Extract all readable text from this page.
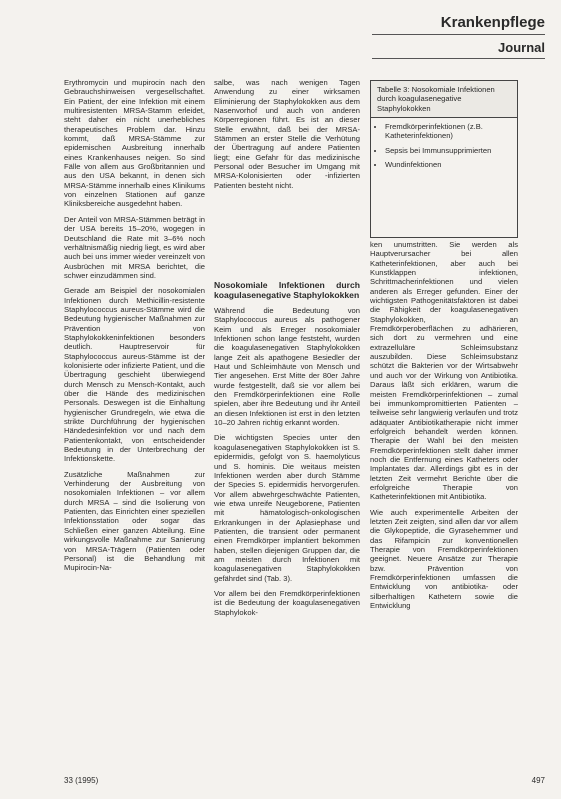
Krankenpflege
Journal

Erythromycin und mupirocin nach den Gebrauchshinweisen vergesellschaftet. Ein Patient, der eine Infektion mit einem multiresistenten MRSA-Stamm erleidet, steht daher ein nicht unerhebliches therapeutisches Problem dar. Hinzu kommt, daß MRSA-Stämme zur epidemischen Ausbreitung innerhalb eines Krankenhauses neigen. So sind Fälle von allem aus Großbritannien und aus den USA bekannt, in denen sich MRSA-Stämme innerhalb eines Klinikums von einzelnen Stationen auf ganze Kliniksbereiche ausgedehnt haben.

Der Anteil von MRSA-Stämmen beträgt in der USA bereits 15–20%, wogegen in Deutschland die Rate mit 3–6% noch verhältnismäßig niedrig liegt, es wird aber auch bei uns immer wieder vereinzelt von Ausbrüchen mit MRSA berichtet, die schwer einzudämmen sind.

Gerade am Beispiel der nosokomialen Infektionen durch Methicillin-resistente Staphylococcus aureus-Stämme wird die Bedeutung hygienischer Maßnahmen zur Prävention von Staphylokokkeninfektionen besonders deutlich. Hauptreservoir für Staphylococcus aureus-Stämme ist der kolonisierte oder infizierte Patient, und die Übertragung geschieht überwiegend durch Mensch zu Mensch-Kontakt, auch über die Hände des medizinischen Personals. Deswegen ist die Einhaltung hygienischer Grundregeln, wie etwa die strikte Durchführung der hygienischen Händedesinfektion vor und nach dem Patientenkontakt, von entscheidender Bedeutung in der Unterbrechung der Infektionskette.

Zusätzliche Maßnahmen zur Verhinderung der Ausbreitung von nosokomialen Infektionen – vor allem durch MRSA – sind die Isolierung von Patienten, das Einrichten einer speziellen Infektionsstation oder sogar das Schließen einer ganzen Abteilung. Eine wirkungsvolle Maßnahme zur Sanierung von MRSA-Trägern (Patienten oder Personal) ist die Behandlung mit Mupirocin-Na-

salbe, was nach wenigen Tagen Anwendung zu einer wirksamen Eliminierung der Staphylokokken aus dem Nasenvorhof und auch von anderen Körperregionen führt. Es ist an dieser Stelle erwähnt, daß bei der MRSA-Stämmen an erster Stelle die Verhütung der Übertragung auf andere Patienten liegt; eine Gefahr für das medizinische Personal oder Besucher im Umgang mit MRSA-Kolonisierten oder -infizierten Patienten besteht nicht.

Nosokomiale Infektionen durch koagulasenegative Staphylokokken

Während die Bedeutung von Staphylococcus aureus als pathogener Keim und als Erreger nosokomialer Infektionen schon lange feststeht, wurden die koagulasenegativen Staphylokokken lange Zeit als apathogene Besiedler der Haut und Schleimhäute von Mensch und Tier angesehen. Erst Mitte der 80er Jahre wurde festgestellt, daß sie vor allem bei den Fremdkörperinfektionen eine Rolle spielen, aber ihre Bedeutung und ihr Anteil an diesen Infektionen ist erst in den letzten 10–20 Jahren richtig erkannt worden.

Die wichtigsten Species unter den koagulasenegativen Staphylokokken ist S. epidermidis, gefolgt von S. haemolyticus und S. hominis. Die weitaus meisten Infektionen werden aber durch Stämme der Species S. epidermidis hervorgerufen. Vor allem abwehrgeschwächte Patienten, wie etwa unreife Neugeborene, Patienten mit hämatologisch-onkologischen Erkrankungen in der Aplasiephase und Patienten, die transient oder permanent einen Fremdkörper implantiert bekommen haben, stellen diejenigen Gruppen dar, die am meisten durch Infektionen mit koagulasenegativen Staphylokokken gefährdet sind (Tab. 3).

Vor allem bei den Fremdkörperinfektionen ist die Bedeutung der koagulasenegativen Staphylokok-

Tabelle 3: Nosokomiale Infektionen durch koagulasenegative Staphylokokken
• Fremdkörperinfektionen (z.B. Katheterinfektionen)
• Sepsis bei Immunsupprimierten
• Wundinfektionen

ken unumstritten. Sie werden als Hauptverursacher bei allen Katheterinfektionen, aber auch bei Kunstklappen infektionen, Schrittmacherinfektionen und vielen anderen als Erreger gefunden. Einer der wichtigsten Pathogenitätsfaktoren ist dabei die Fähigkeit der koagulasenegativen Staphylokokken, an Fremdkörperoberflächen zu adhärieren, sich dort zu vermehren und eine extrazelluläre Schleimsubstanz auszubilden. Diese Schleimsubstanz schützt die Bakterien vor der Wirtsabwehr und auch vor der Wirkung von Antibiotika. Daraus läßt sich erklären, warum die meisten Fremdkörperinfektionen – zumal bei immunkompromittierten Patienten – teilweise sehr langwierig verlaufen und trotz adäquater Antibiotikatherapie nicht immer erfolgreich behandelt werden können. Therapie der Wahl bei den meisten Fremdkörperinfektionen stellt daher immer noch die Entfernung eines Katheters oder Implantates dar. Allerdings gibt es in der letzten Zeit vermehrt Berichte über die erfolgreiche Therapie von Katheterinfektionen mit Antibiotika.

Wie auch experimentelle Arbeiten der letzten Zeit zeigten, sind allen dar vor allem die Glykopeptide, die Gyrasehemmer und das Rifampicin zur konventionellen Therapie von Fremdkörperinfektionen geeignet. Neuere Ansätze zur Therapie bzw. Prävention von Fremdkörperinfektionen umfassen die Entwicklung von antibiotika- oder silberhaltigen Kathetern sowie die Entwicklung

33 (1995)	497
